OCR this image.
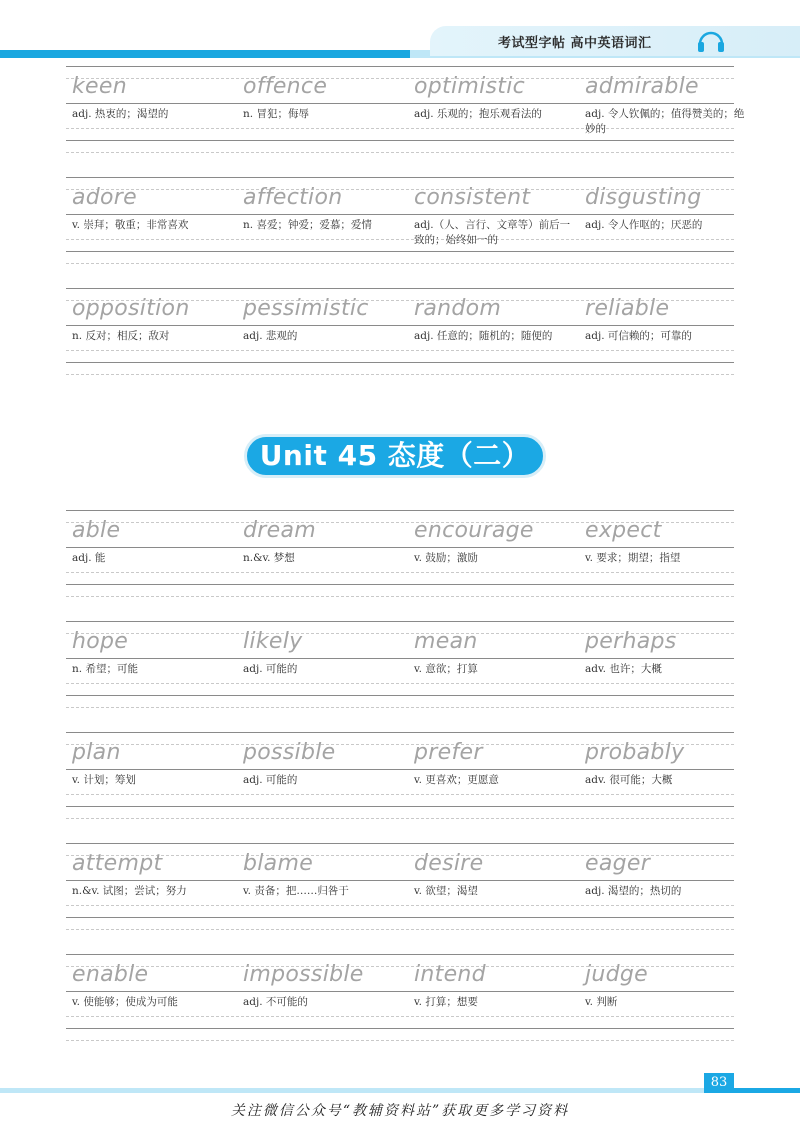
考试型字帖 高中英语词汇
keen
adj. 热衷的；渴望的
offence
n. 冒犯；侮辱
optimistic
adj. 乐观的；抱乐观看法的
admirable
adj. 令人钦佩的；值得赞美的；绝妙的
adore
v. 崇拜；敬重；非常喜欢
affection
n. 喜爱；钟爱；爱慕；爱情
consistent
adj.（人、言行、文章等）前后一致的；始终如一的
disgusting
adj. 令人作呕的；厌恶的
opposition
n. 反对；相反；敌对
pessimistic
adj. 悲观的
random
adj. 任意的；随机的；随便的
reliable
adj. 可信赖的；可靠的
Unit 45 态度（二）
able
adj. 能
dream
n.&v. 梦想
encourage
v. 鼓励；激励
expect
v. 要求；期望；指望
hope
n. 希望；可能
likely
adj. 可能的
mean
v. 意欲；打算
perhaps
adv. 也许；大概
plan
v. 计划；筹划
possible
adj. 可能的
prefer
v. 更喜欢；更愿意
probably
adv. 很可能；大概
attempt
n.&v. 试图；尝试；努力
blame
v. 责备；把……归咎于
desire
v. 欲望；渴望
eager
adj. 渴望的；热切的
enable
v. 使能够；使成为可能
impossible
adj. 不可能的
intend
v. 打算；想要
judge
v. 判断
83
关注微信公众号“教辅资料站”获取更多学习资料
